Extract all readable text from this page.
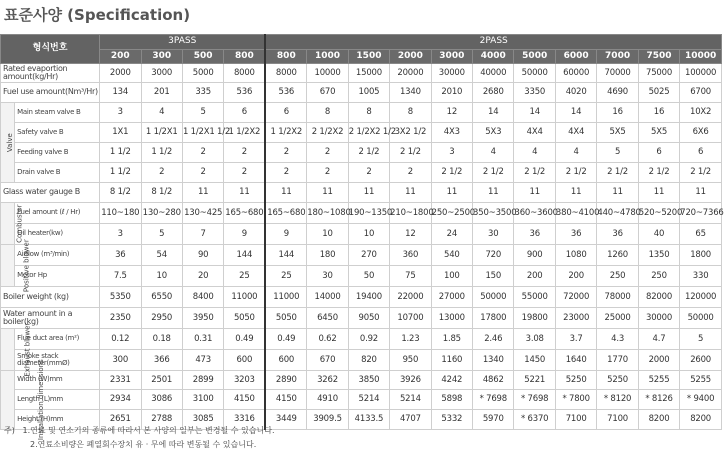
표준사양 (Specification)
형식번호		3PASS				2PASS										
		200	300	500	800	800	1000	1500	2000	3000	4000	5000	6000	7000	7500	10000
Rated evaportion amount(kg/Hr)		2000	3000	5000	8000	8000	10000	15000	20000	30000	40000	50000	60000	70000	75000	100000
Fuel use amount(Nm³/Hr)		134	201	335	536	536	670	1005	1340	2010	2680	3350	4020	4690	5025	6700
Valve	Main steam valve B	3	4	5	6	6	8	8	8	12	14	14	14	16	16	10X2
	Safety valve B	1X1	1 1/2X1	1 1/2X1 1/2	1 1/2X2	1 1/2X2	2 1/2X2	2 1/2X2 1/2	3X2 1/2	4X3	5X3	4X4	4X4	5X5	5X5	6X6
	Feeding valve B	1 1/2	1 1/2	2	2	2	2	2 1/2	2 1/2	3	4	4	4	5	6	6
	Drain valve B	1 1/2	2	2	2	2	2	2	2	2 1/2	2 1/2	2 1/2	2 1/2	2 1/2	2 1/2	2 1/2
Glass water gauge B		8 1/2	8 1/2	11	11	11	11	11	11	11	11	11	11	11	11	11
Combustor	Fuel amount (ℓ / Hr)	110~180	130~280	130~425	165~680	165~680	180~1080	190~1350	210~1800	250~2500	350~3500	360~3600	380~4100	440~4780	520~5200	720~7366
	Oil heater(kw)	3	5	7	9	9	10	10	12	24	30	36	36	36	40	65
Positive blower	Airflow (m³/min)	36	54	90	144	144	180	270	360	540	720	900	1080	1260	1350	1800
	Motor Hp	7.5	10	20	25	25	30	50	75	100	150	200	200	250	250	330
Boiler weight (kg)		5350	6550	8400	11000	11000	14000	19400	22000	27000	50000	55000	72000	78000	82000	120000
Water amount in a boiler(kg)		2350	2950	3950	5050	5050	6450	9050	10700	13000	17800	19800	23000	25000	30000	50000
Exhaust blower	Flue duct area (m²)	0.12	0.18	0.31	0.49	0.49	0.62	0.92	1.23	1.85	2.46	3.08	3.7	4.3	4.7	5
	Smoke stack diameter(mmØ)	300	366	473	600	600	670	820	950	1160	1340	1450	1640	1770	2000	2600
Installation dimensions	Width (W)mm	2331	2501	2899	3203	2890	3262	3850	3926	4242	4862	5221	5250	5250	5255	5255
	Length (L)mm	2934	3086	3100	4150	4150	4910	5214	5214	5898	* 7698	* 7698	* 7800	* 8120	* 8126	* 9400
	Height (H)mm	2651	2788	3085	3316	3449	3909.5	4133.5	4707	5332	5970	* 6370	7100	7100	8200	8200
주) 1.연료 및 연소기의 종류에 따라서 본 사양의 일부는 변경될 수 있습니다.
2.연료소비량은 폐열회수장치 유 · 무에 따라 변동될 수 있습니다.
